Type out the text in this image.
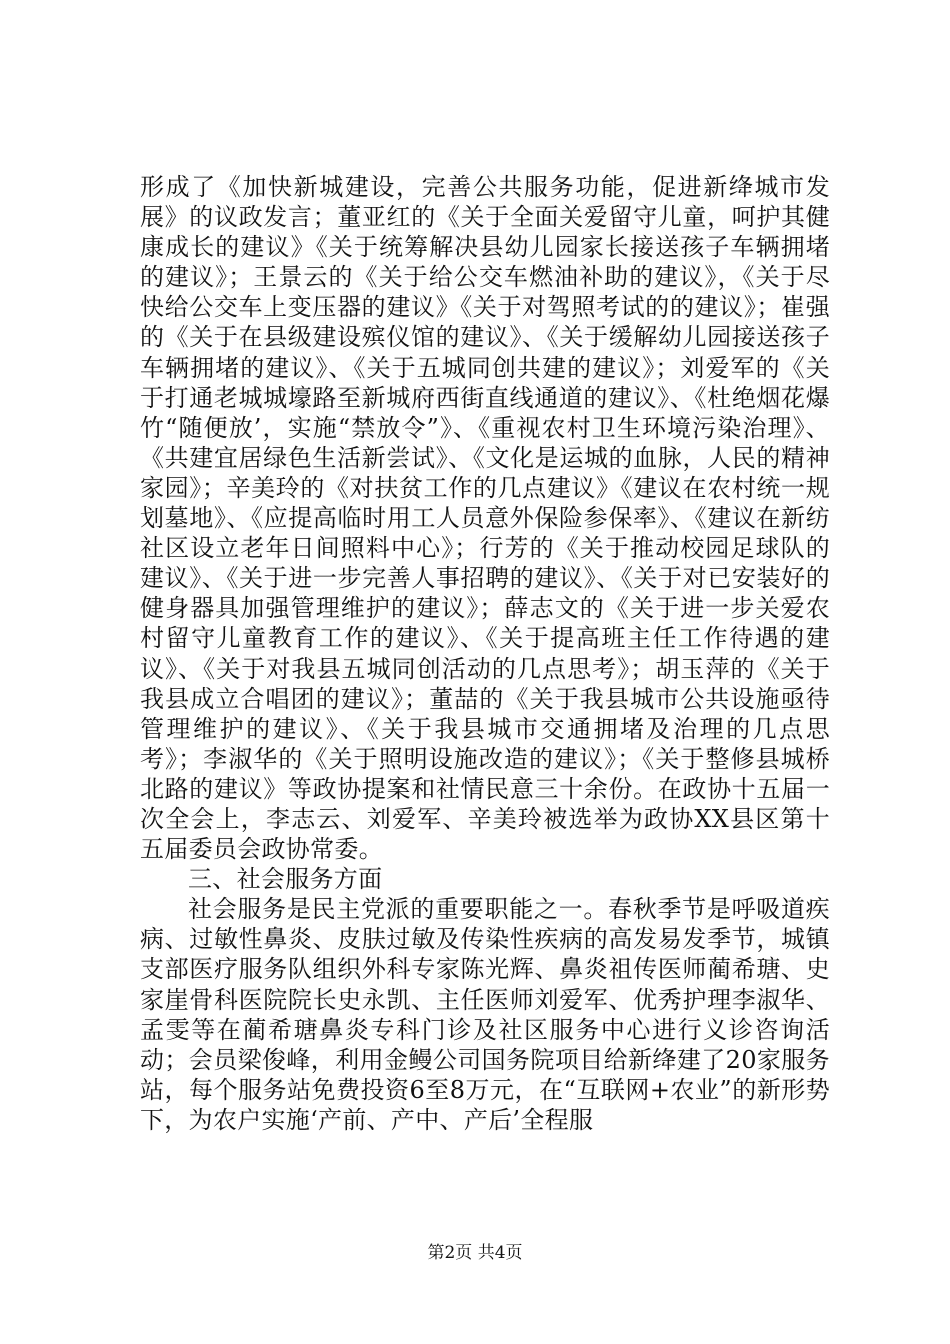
形成了《加快新城建设，完善公共服务功能，促进新绛城市发展》的议政发言；董亚红的《关于全面关爱留守儿童，呵护其健康成长的建议》《关于统筹解决县幼儿园家长接送孩子车辆拥堵的建议》；王景云的《关于给公交车燃油补助的建议》，《关于尽快给公交车上变压器的建议》《关于对驾照考试的的建议》；崔强的《关于在县级建设殡仪馆的建议》、《关于缓解幼儿园接送孩子车辆拥堵的建议》、《关于五城同创共建的建议》；刘爱军的《关于打通老城城壕路至新城府西街直线通道的建议》、《杜绝烟花爆竹“随便放’，实施“禁放令”》、《重视农村卫生环境污染治理》、《共建宜居绿色生活新尝试》、《文化是运城的血脉，人民的精神家园》；辛美玲的《对扶贫工作的几点建议》《建议在农村统一规划墓地》、《应提高临时用工人员意外保险参保率》、《建议在新纺社区设立老年日间照料中心》；行芳的《关于推动校园足球队的建议》、《关于进一步完善人事招聘的建议》、《关于对已安装好的健身器具加强管理维护的建议》；薛志文的《关于进一步关爱农村留守儿童教育工作的建议》、《关于提高班主任工作待遇的建议》、《关于对我县五城同创活动的几点思考》；胡玉萍的《关于我县成立合唱团的建议》；董喆的《关于我县城市公共设施亟待管理维护的建议》、《关于我县城市交通拥堵及治理的几点思考》；李淑华的《关于照明设施改造的建议》；《关于整修县城桥北路的建议》等政协提案和社情民意三十余份。在政协十五届一次全会上，李志云、刘爱军、辛美玲被选举为政协XX县区第十五届委员会政协常委。

三、社会服务方面

社会服务是民主党派的重要职能之一。春秋季节是呼吸道疾病、过敏性鼻炎、皮肤过敏及传染性疾病的高发易发季节，城镇支部医疗服务队组织外科专家陈光辉、鼻炎祖传医师蔺希瑭、史家崖骨科医院院长史永凯、主任医师刘爱军、优秀护理李淑华、孟雯等在蔺希瑭鼻炎专科门诊及社区服务中心进行义诊咨询活动；会员梁俊峰，利用金鳗公司国务院项目给新绛建了20家服务站，每个服务站免费投资6至8万元，在“互联网+农业”的新形势下，为农户实施‘产前、产中、产后’全程服

第2页 共4页
